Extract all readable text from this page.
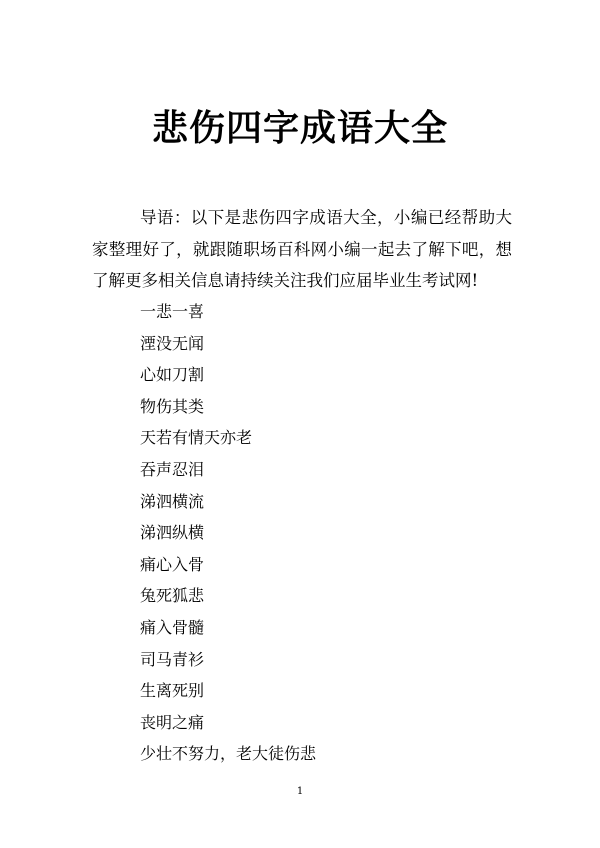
悲伤四字成语大全

导语：以下是悲伤四字成语大全，小编已经帮助大家整理好了，就跟随职场百科网小编一起去了解下吧，想了解更多相关信息请持续关注我们应届毕业生考试网!

一悲一喜
湮没无闻
心如刀割
物伤其类
天若有情天亦老
吞声忍泪
涕泗横流
涕泗纵横
痛心入骨
兔死狐悲
痛入骨髓
司马青衫
生离死别
丧明之痛
少壮不努力，老大徒伤悲
1
